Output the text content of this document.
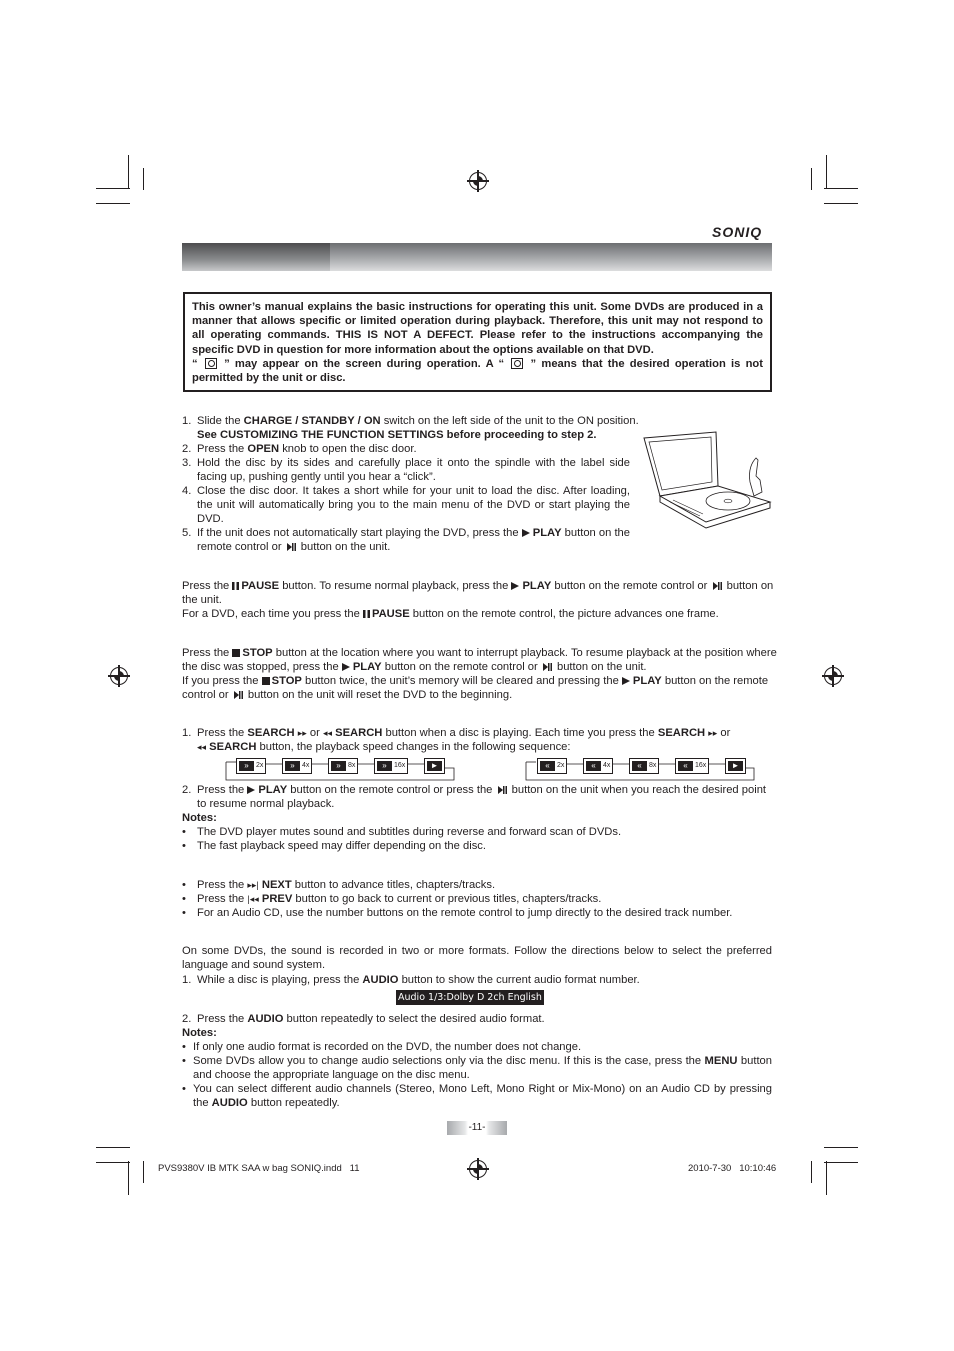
SONIQ
This owner’s manual explains the basic instructions for operating this unit. Some DVDs are produced in a manner that allows specific or limited operation during playback. Therefore, this unit may not respond to all operating commands. THIS IS NOT A DEFECT. Please refer to the instructions accompanying the specific DVD in question for more information about the options available on that DVD.
“ ” may appear on the screen during operation. A “ ” means that the desired operation is not permitted by the unit or disc.
1. Slide the CHARGE / STANDBY / ON switch on the left side of the unit to the ON position.
See CUSTOMIZING THE FUNCTION SETTINGS before proceeding to step 2.
2. Press the OPEN knob to open the disc door.
3. Hold the disc by its sides and carefully place it onto the spindle with the label side facing up, pushing gently until you hear a “click”.
4. Close the disc door. It takes a short while for your unit to load the disc. After loading, the unit will automatically bring you to the main menu of the DVD or start playing the DVD.
5. If the unit does not automatically start playing the DVD, press the PLAY button on the remote control or  button on the unit.
Press the PAUSE button. To resume normal playback, press the PLAY button on the remote control or  button on
the unit.
For a DVD, each time you press the PAUSE button on the remote control, the picture advances one frame.
Press the STOP button at the location where you want to interrupt playback. To resume playback at the position where
the disc was stopped, press the PLAY button on the remote control or  button on the unit.
If you press the STOP button twice, the unit’s memory will be cleared and pressing the PLAY button on the remote
control or  button on the unit will reset the DVD to the beginning.
1. Press the SEARCH ▸▸ or ◂◂ SEARCH button when a disc is playing. Each time you press the SEARCH ▸▸ or
◂◂ SEARCH button, the playback speed changes in the following sequence:
» 2x	» 4x	» 8x	» 16x	►	« 2x	« 4x	« 8x	« 16x	►
2. Press the PLAY button on the remote control or press the  button on the unit when you reach the desired point
to resume normal playback.
Notes:
• The DVD player mutes sound and subtitles during reverse and forward scan of DVDs.
• The fast playback speed may differ depending on the disc.
• Press the ▸▸| NEXT button to advance titles, chapters/tracks.
• Press the |◂◂ PREV button to go back to current or previous titles, chapters/tracks.
• For an Audio CD, use the number buttons on the remote control to jump directly to the desired track number.
On some DVDs, the sound is recorded in two or more formats. Follow the directions below to select the preferred language and sound system.
1. While a disc is playing, press the AUDIO button to show the current audio format number.
Audio 1/3:Dolby D 2ch English
2. Press the AUDIO button repeatedly to select the desired audio format.
Notes:
• If only one audio format is recorded on the DVD, the number does not change.
• Some DVDs allow you to change audio selections only via the disc menu. If this is the case, press the MENU button and choose the appropriate language on the disc menu.
• You can select different audio channels (Stereo, Mono Left, Mono Right or Mix-Mono) on an Audio CD by pressing the AUDIO button repeatedly.
-11-
PVS9380V IB MTK SAA w bag SONIQ.indd   11	2010-7-30   10:10:46
